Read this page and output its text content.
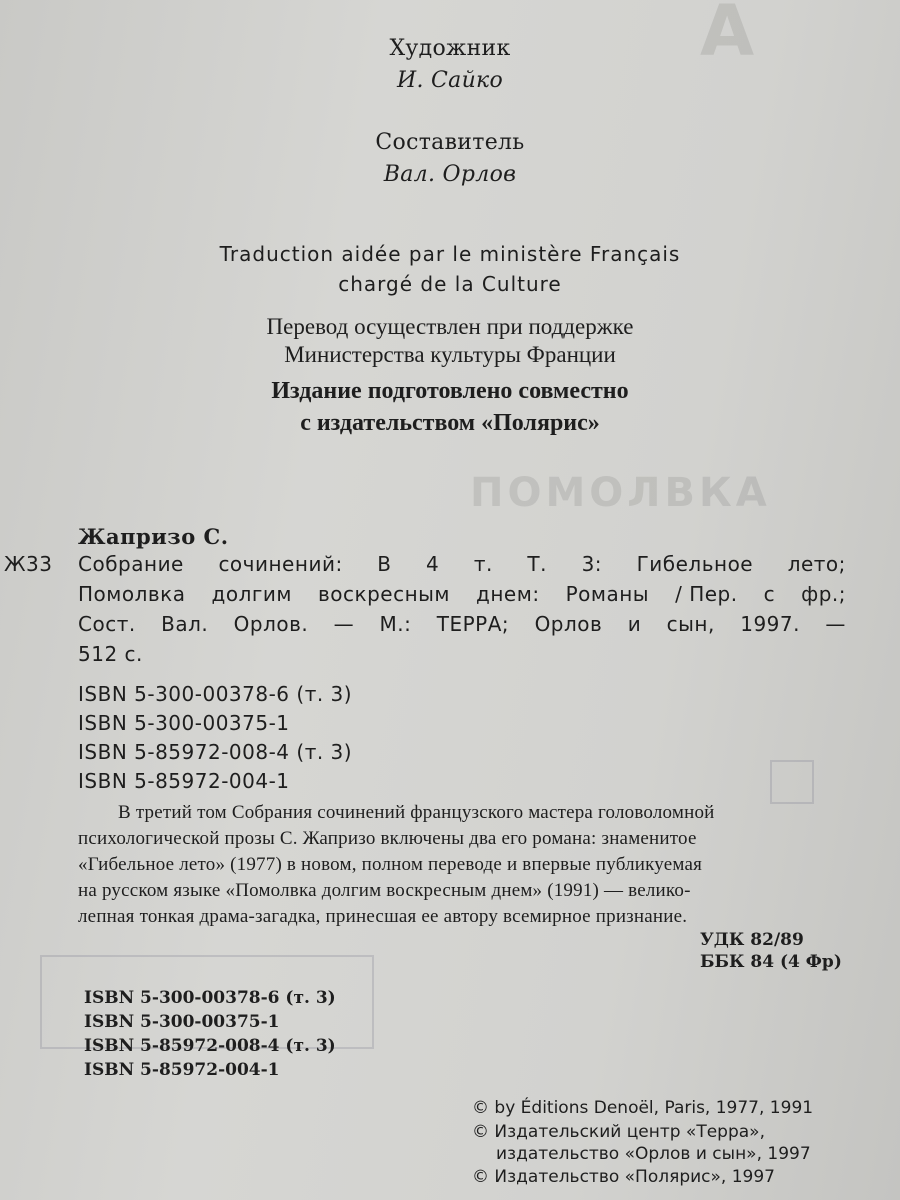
A
ПОМОЛВКА
Художник
И. Сайко
Составитель
Вал. Орлов
Traduction aidée par le ministère Français
chargé de la Culture
Перевод осуществлен при поддержке
Министерства культуры Франции
Издание подготовлено совместно
с издательством «Полярис»
Жапризо С.
Ж33 Собрание сочинений: В 4 т. Т. 3: Гибельное лето;
Помолвка долгим воскресным днем: Романы / Пер. с фр.;
Сост. Вал. Орлов. — М.: ТЕРРА; Орлов и сын, 1997. —
512 с.
ISBN 5-300-00378-6 (т. 3)
ISBN 5-300-00375-1
ISBN 5-85972-008-4 (т. 3)
ISBN 5-85972-004-1
В третий том Собрания сочинений французского мастера головоломной
психологической прозы С. Жапризо включены два его романа: знаменитое
«Гибельное лето» (1977) в новом, полном переводе и впервые публикуемая
на русском языке «Помолвка долгим воскресным днем» (1991) — велико-
лепная тонкая драма-загадка, принесшая ее автору всемирное признание.
УДК 82/89
ББК 84 (4 Фр)
ISBN 5-300-00378-6 (т. 3)
ISBN 5-300-00375-1
ISBN 5-85972-008-4 (т. 3)
ISBN 5-85972-004-1
© by Éditions Denoël, Paris, 1977, 1991
© Издательский центр «Терра»,
издательство «Орлов и сын», 1997
© Издательство «Полярис», 1997
